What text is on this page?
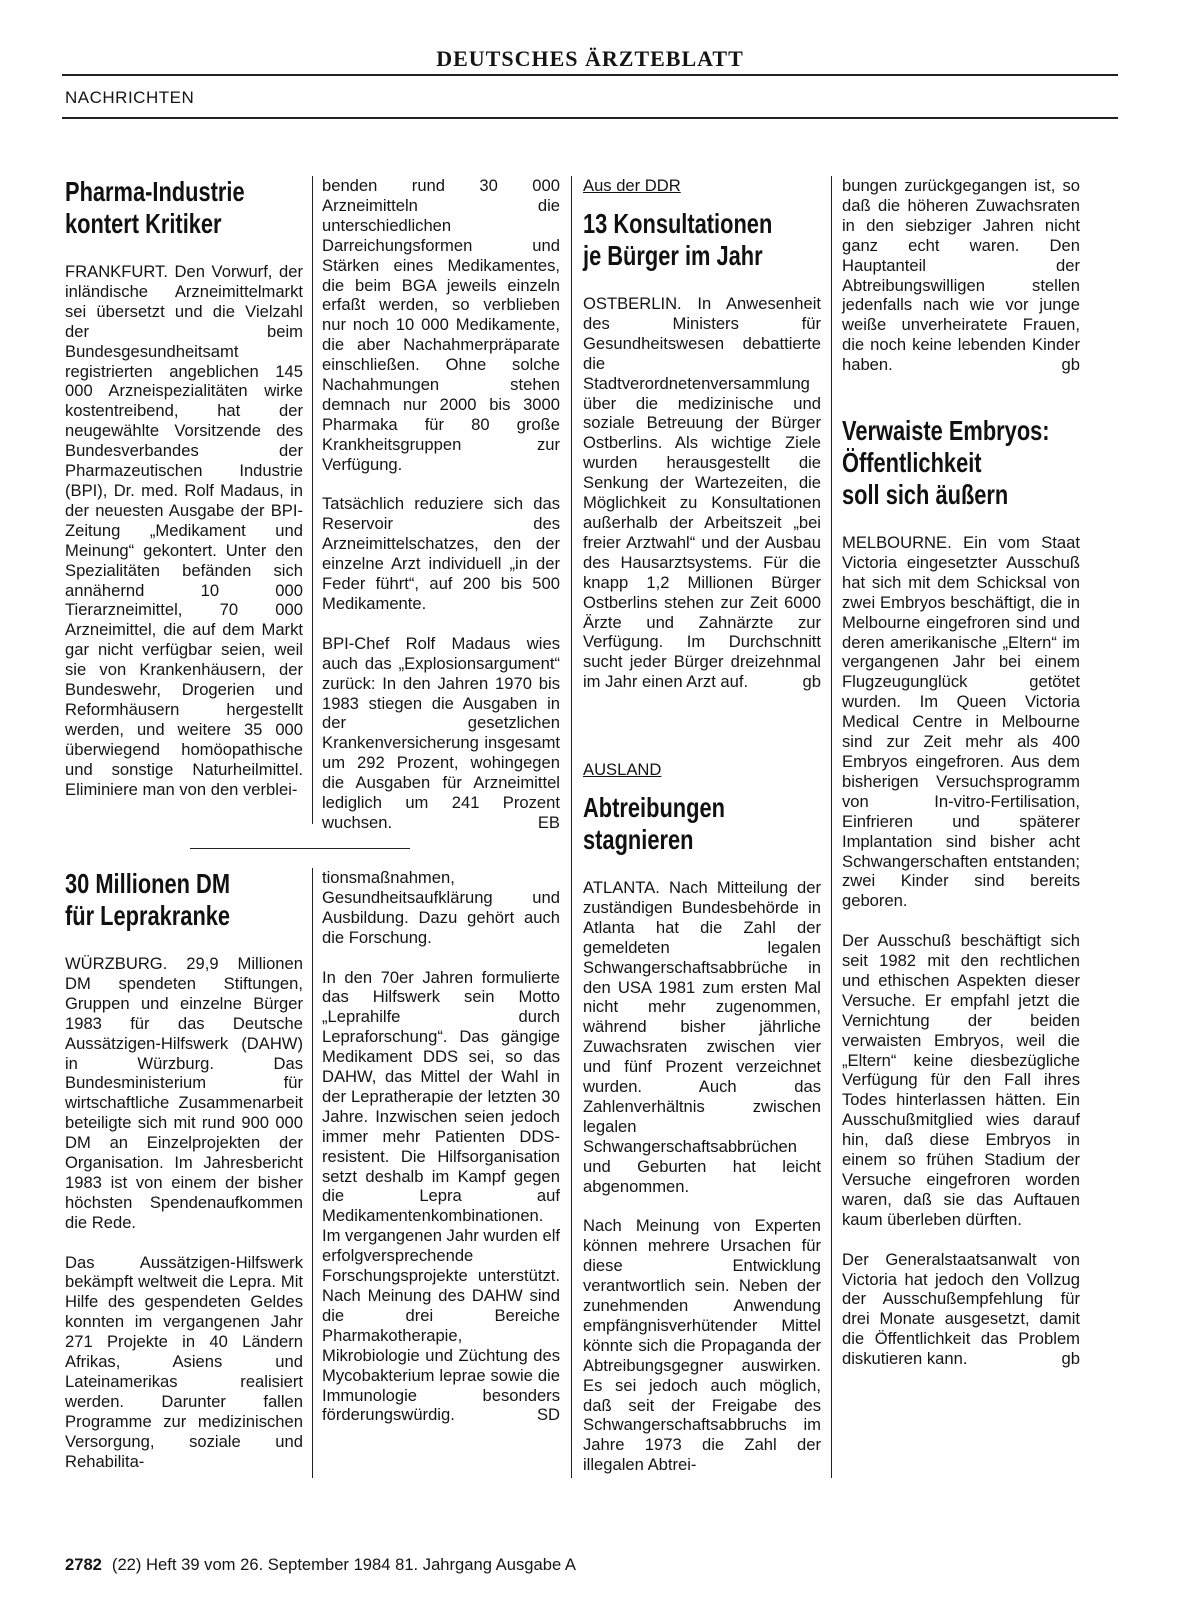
DEUTSCHES ÄRZTEBLATT
NACHRICHTEN
Pharma-Industrie
kontert Kritiker

FRANKFURT. Den Vorwurf, der inländische Arzneimittelmarkt sei übersetzt und die Vielzahl der beim Bundesgesundheitsamt registrierten angeblichen 145 000 Arzneispezialitäten wirke kostentreibend, hat der neugewählte Vorsitzende des Bundesverbandes der Pharmazeutischen Industrie (BPI), Dr. med. Rolf Madaus, in der neuesten Ausgabe der BPI-Zeitung „Medikament und Meinung“ gekontert. Unter den Spezialitäten befänden sich annähernd 10 000 Tierarzneimittel, 70 000 Arzneimittel, die auf dem Markt gar nicht verfügbar seien, weil sie von Krankenhäusern, der Bundeswehr, Drogerien und Reformhäusern hergestellt werden, und weitere 35 000 überwiegend homöopathische und sonstige Naturheilmittel. Eliminiere man von den verblei-

benden rund 30 000 Arzneimitteln die unterschiedlichen Darreichungsformen und Stärken eines Medikamentes, die beim BGA jeweils einzeln erfaßt werden, so verblieben nur noch 10 000 Medikamente, die aber Nachahmerpräparate einschließen. Ohne solche Nachahmungen stehen demnach nur 2000 bis 3000 Pharmaka für 80 große Krankheitsgruppen zur Verfügung.

Tatsächlich reduziere sich das Reservoir des Arzneimittelschatzes, den der einzelne Arzt individuell „in der Feder führt“, auf 200 bis 500 Medikamente.

BPI-Chef Rolf Madaus wies auch das „Explosionsargument“ zurück: In den Jahren 1970 bis 1983 stiegen die Ausgaben in der gesetzlichen Krankenversicherung insgesamt um 292 Prozent, wohingegen die Ausgaben für Arzneimittel lediglich um 241 Prozent wuchsen.	EB

30 Millionen DM
für Leprakranke

WÜRZBURG. 29,9 Millionen DM spendeten Stiftungen, Gruppen und einzelne Bürger 1983 für das Deutsche Aussätzigen-Hilfswerk (DAHW) in Würzburg. Das Bundesministerium für wirtschaftliche Zusammenarbeit beteiligte sich mit rund 900 000 DM an Einzelprojekten der Organisation. Im Jahresbericht 1983 ist von einem der bisher höchsten Spendenaufkommen die Rede.

Das Aussätzigen-Hilfswerk bekämpft weltweit die Lepra. Mit Hilfe des gespendeten Geldes konnten im vergangenen Jahr 271 Projekte in 40 Ländern Afrikas, Asiens und Lateinamerikas realisiert werden. Darunter fallen Programme zur medizinischen Versorgung, soziale und Rehabilita-

tionsmaßnahmen, Gesundheitsaufklärung und Ausbildung. Dazu gehört auch die Forschung.

In den 70er Jahren formulierte das Hilfswerk sein Motto „Leprahilfe durch Lepraforschung“. Das gängige Medikament DDS sei, so das DAHW, das Mittel der Wahl in der Lepratherapie der letzten 30 Jahre. Inzwischen seien jedoch immer mehr Patienten DDS-resistent. Die Hilfsorganisation setzt deshalb im Kampf gegen die Lepra auf Medikamentenkombinationen. Im vergangenen Jahr wurden elf erfolgversprechende Forschungsprojekte unterstützt. Nach Meinung des DAHW sind die drei Bereiche Pharmakotherapie, Mikrobiologie und Züchtung des Mycobakterium leprae sowie die Immunologie besonders förderungswürdig.	SD

Aus der DDR
13 Konsultationen
je Bürger im Jahr

OSTBERLIN. In Anwesenheit des Ministers für Gesundheitswesen debattierte die Stadtverordnetenversammlung über die medizinische und soziale Betreuung der Bürger Ostberlins. Als wichtige Ziele wurden herausgestellt die Senkung der Wartezeiten, die Möglichkeit zu Konsultationen außerhalb der Arbeitszeit „bei freier Arztwahl“ und der Ausbau des Hausarztsystems. Für die knapp 1,2 Millionen Bürger Ostberlins stehen zur Zeit 6000 Ärzte und Zahnärzte zur Verfügung. Im Durchschnitt sucht jeder Bürger dreizehnmal im Jahr einen Arzt auf.	gb

AUSLAND
Abtreibungen
stagnieren

ATLANTA. Nach Mitteilung der zuständigen Bundesbehörde in Atlanta hat die Zahl der gemeldeten legalen Schwangerschaftsabbrüche in den USA 1981 zum ersten Mal nicht mehr zugenommen, während bisher jährliche Zuwachsraten zwischen vier und fünf Prozent verzeichnet wurden. Auch das Zahlenverhältnis zwischen legalen Schwangerschaftsabbrüchen und Geburten hat leicht abgenommen.

Nach Meinung von Experten können mehrere Ursachen für diese Entwicklung verantwortlich sein. Neben der zunehmenden Anwendung empfängnisverhütender Mittel könnte sich die Propaganda der Abtreibungsgegner auswirken. Es sei jedoch auch möglich, daß seit der Freigabe des Schwangerschaftsabbruchs im Jahre 1973 die Zahl der illegalen Abtrei-

bungen zurückgegangen ist, so daß die höheren Zuwachsraten in den siebziger Jahren nicht ganz echt waren. Den Hauptanteil der Abtreibungswilligen stellen jedenfalls nach wie vor junge weiße unverheiratete Frauen, die noch keine lebenden Kinder haben.	gb

Verwaiste Embryos:
Öffentlichkeit
soll sich äußern

MELBOURNE. Ein vom Staat Victoria eingesetzter Ausschuß hat sich mit dem Schicksal von zwei Embryos beschäftigt, die in Melbourne eingefroren sind und deren amerikanische „Eltern“ im vergangenen Jahr bei einem Flugzeugunglück getötet wurden. Im Queen Victoria Medical Centre in Melbourne sind zur Zeit mehr als 400 Embryos eingefroren. Aus dem bisherigen Versuchsprogramm von In-vitro-Fertilisation, Einfrieren und späterer Implantation sind bisher acht Schwangerschaften entstanden; zwei Kinder sind bereits geboren.

Der Ausschuß beschäftigt sich seit 1982 mit den rechtlichen und ethischen Aspekten dieser Versuche. Er empfahl jetzt die Vernichtung der beiden verwaisten Embryos, weil die „Eltern“ keine diesbezügliche Verfügung für den Fall ihres Todes hinterlassen hätten. Ein Ausschußmitglied wies darauf hin, daß diese Embryos in einem so frühen Stadium der Versuche eingefroren worden waren, daß sie das Auftauen kaum überleben dürften.

Der Generalstaatsanwalt von Victoria hat jedoch den Vollzug der Ausschußempfehlung für drei Monate ausgesetzt, damit die Öffentlichkeit das Problem diskutieren kann.	gb

2782 (22) Heft 39 vom 26. September 1984 81. Jahrgang Ausgabe A
